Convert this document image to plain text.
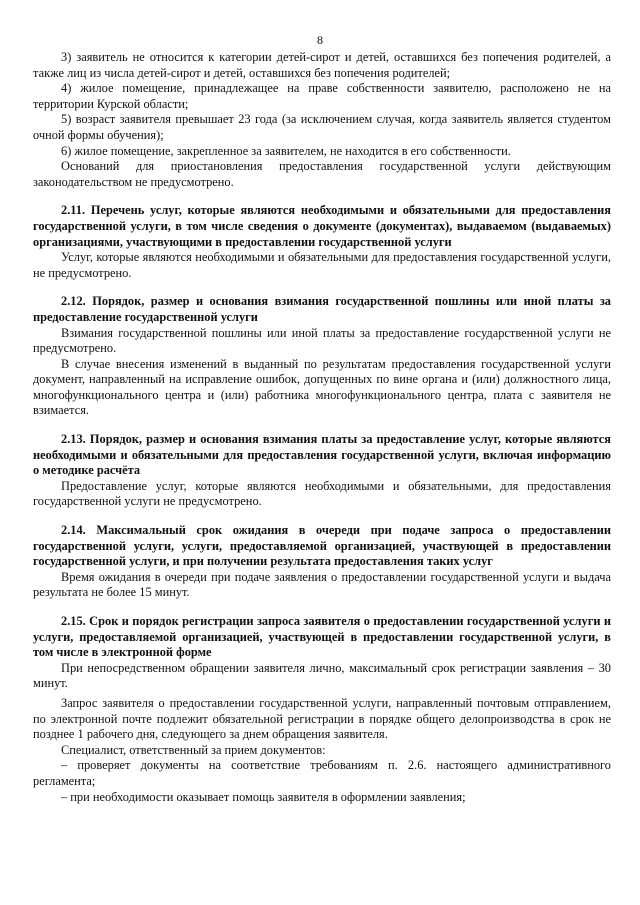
8

3) заявитель не относится к категории детей-сирот и детей, оставшихся без попечения родителей, а также лиц из числа детей-сирот и детей, оставшихся без попечения родителей;

4) жилое помещение, принадлежащее на праве собственности заявителю, расположено не на территории Курской области;

5) возраст заявителя превышает 23 года (за исключением случая, когда заявитель является студентом очной формы обучения);

6) жилое помещение, закрепленное за заявителем, не находится в его собственности.

Оснований для приостановления предоставления государственной услуги действующим законодательством не предусмотрено.

2.11. Перечень услуг, которые являются необходимыми и обязательными для предоставления государственной услуги, в том числе сведения о документе (документах), выдаваемом (выдаваемых) организациями, участвующими в предоставлении государственной услуги

Услуг, которые являются необходимыми и обязательными для предоставления государственной услуги, не предусмотрено.

2.12. Порядок, размер и основания взимания государственной пошлины или иной платы за предоставление государственной услуги

Взимания государственной пошлины или иной платы за предоставление государственной услуги не предусмотрено.

В случае внесения изменений в выданный по результатам предоставления государственной услуги документ, направленный на исправление ошибок, допущенных по вине органа и (или) должностного лица, многофункционального центра и (или) работника многофункционального центра, плата с заявителя не взимается.

2.13. Порядок, размер и основания взимания платы за предоставление услуг, которые являются необходимыми и обязательными для предоставления государственной услуги, включая информацию о методике расчёта

Предоставление услуг, которые являются необходимыми и обязательными, для предоставления государственной услуги не предусмотрено.

2.14. Максимальный срок ожидания в очереди при подаче запроса о предоставлении государственной услуги, услуги, предоставляемой организацией, участвующей в предоставлении государственной услуги, и при получении результата предоставления таких услуг

Время ожидания в очереди при подаче заявления о предоставлении государственной услуги и выдача результата не более 15 минут.

2.15. Срок и порядок регистрации запроса заявителя о предоставлении государственной услуги и услуги, предоставляемой организацией, участвующей в предоставлении государственной услуги, в том числе в электронной форме

При непосредственном обращении заявителя лично, максимальный срок регистрации заявления – 30 минут.

Запрос заявителя о предоставлении государственной услуги, направленный почтовым отправлением, по электронной почте подлежит обязательной регистрации в порядке общего делопроизводства в срок не позднее 1 рабочего дня, следующего за днем обращения заявителя.

Специалист, ответственный за прием документов:

– проверяет документы на соответствие требованиям п. 2.6. настоящего административного регламента;

– при необходимости оказывает помощь заявителя в оформлении заявления;
